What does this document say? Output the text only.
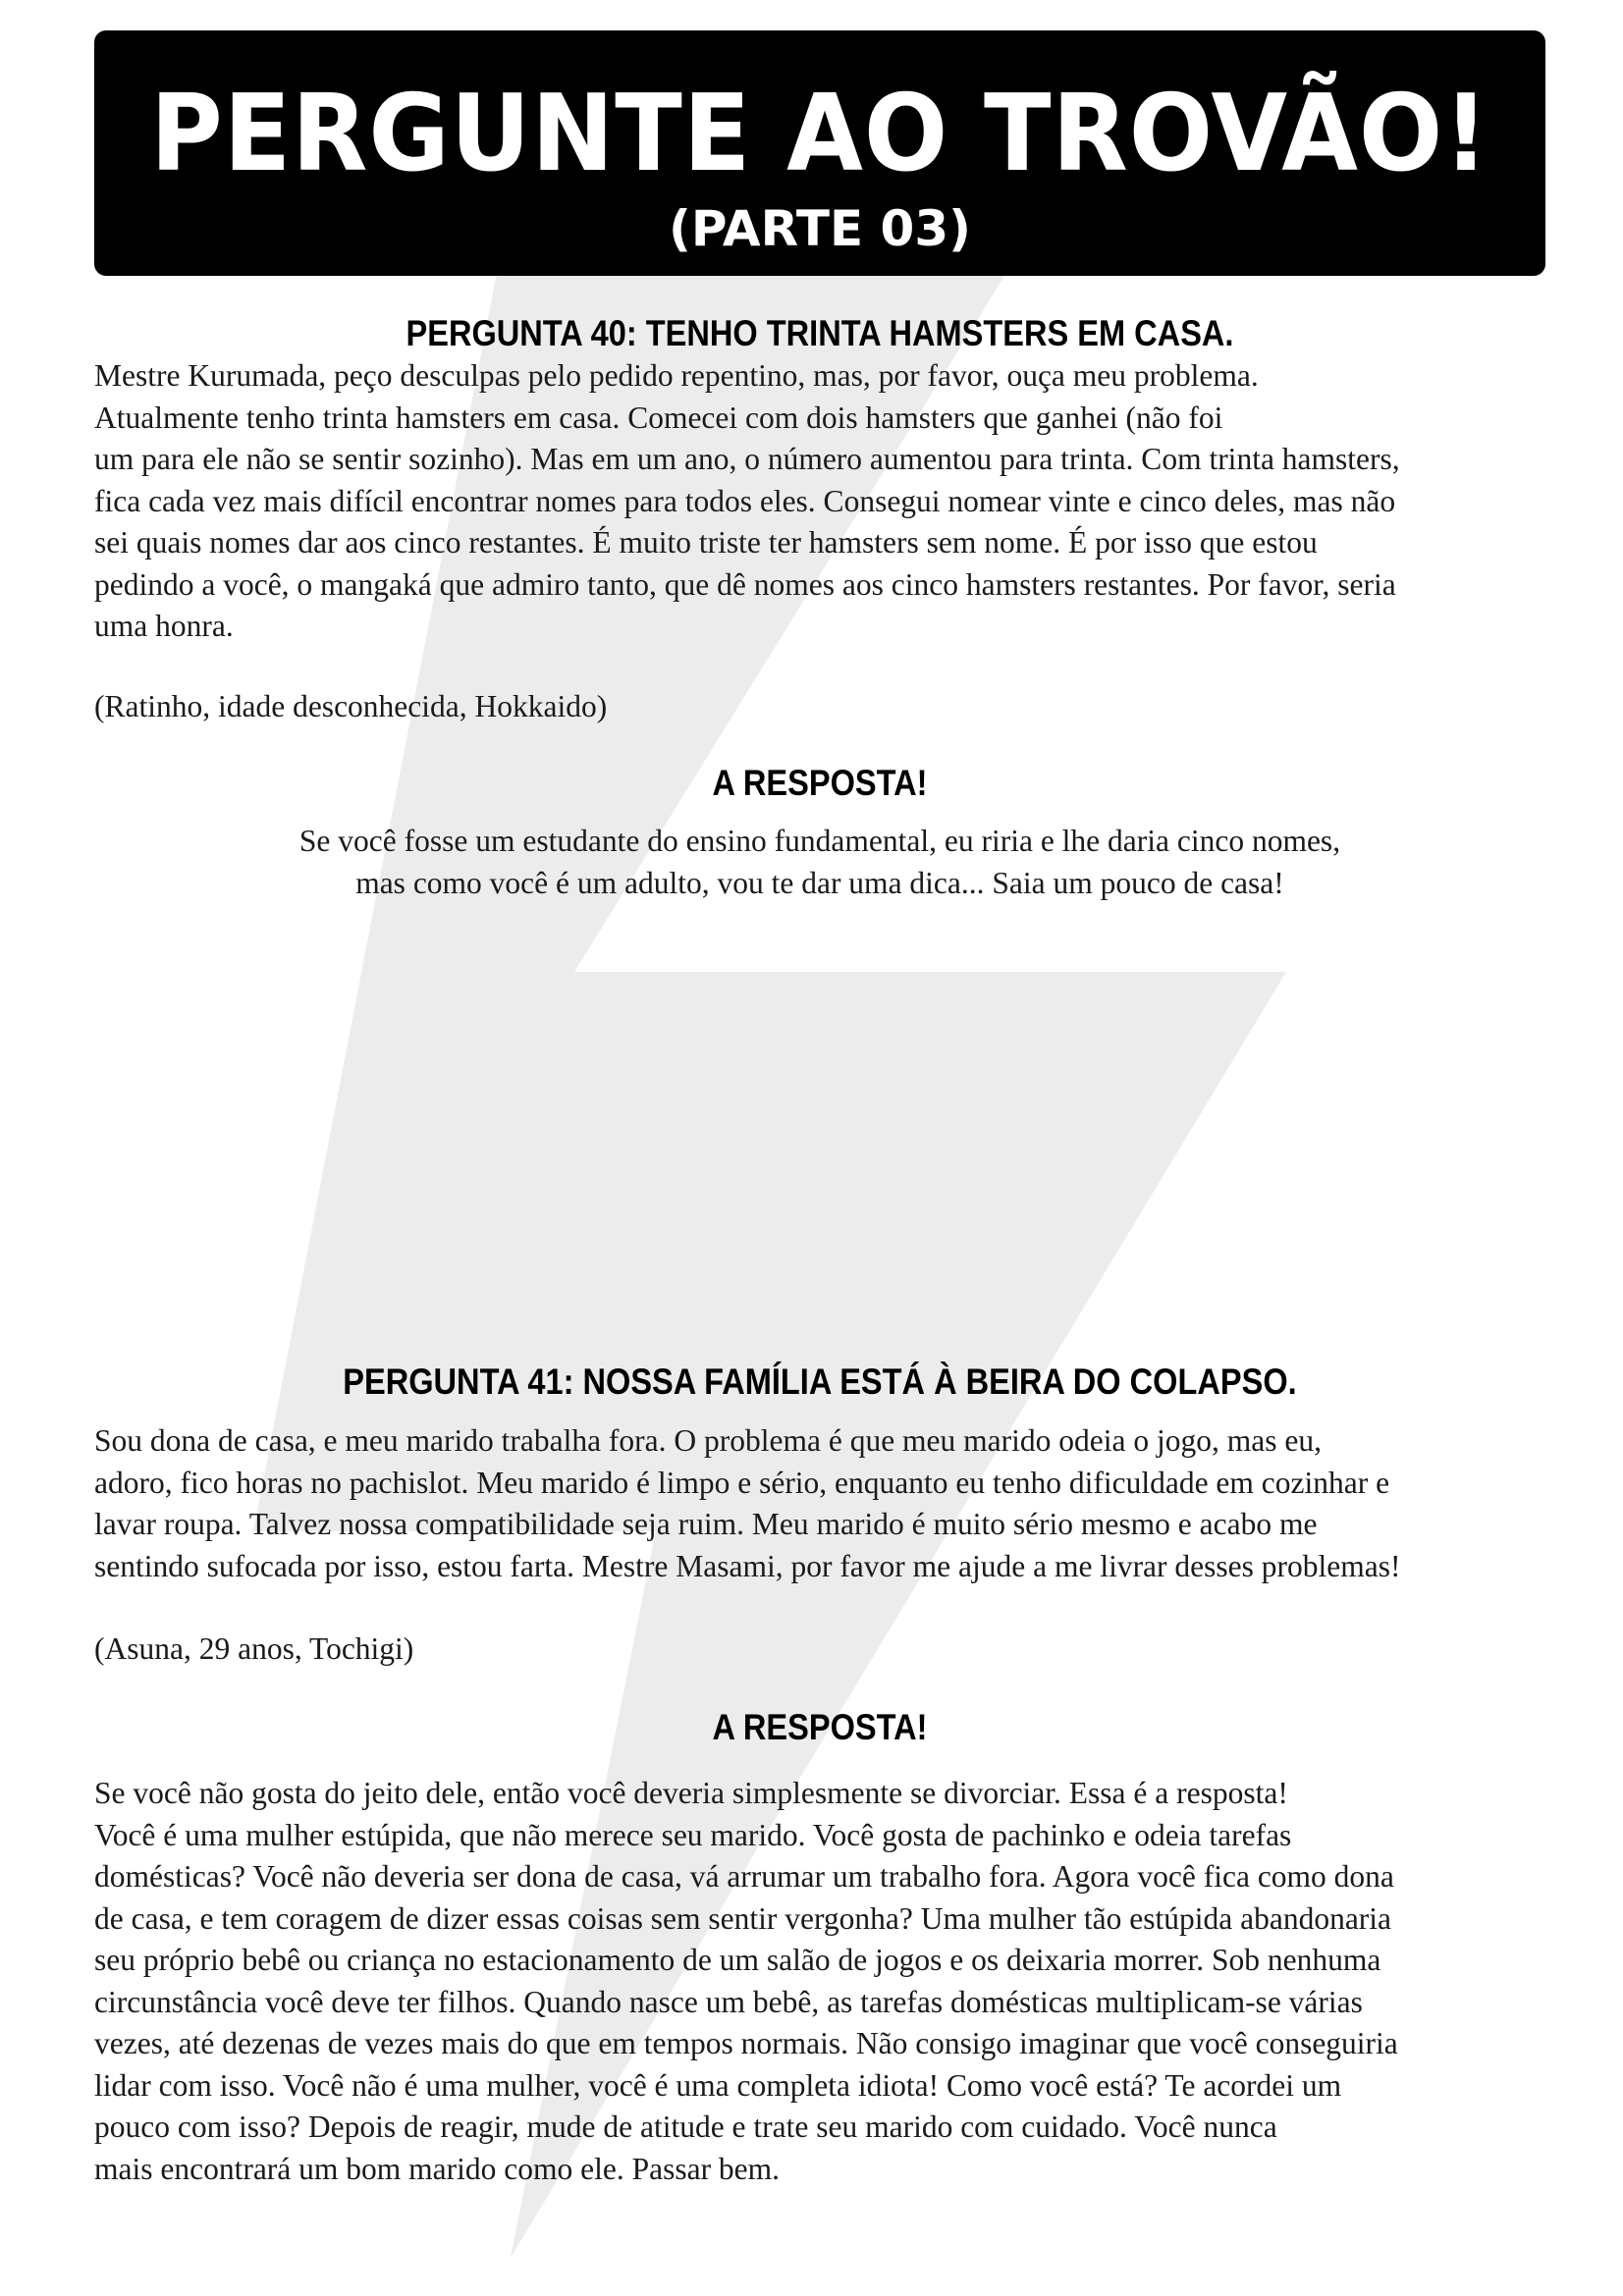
PERGUNTE AO TROVÃO!
(PARTE 03)
PERGUNTA 40: TENHO TRINTA HAMSTERS EM CASA.
Mestre Kurumada, peço desculpas pelo pedido repentino, mas, por favor, ouça meu problema.
Atualmente tenho trinta hamsters em casa. Comecei com dois hamsters que ganhei (não foi
um para ele não se sentir sozinho). Mas em um ano, o número aumentou para trinta. Com trinta hamsters,
fica cada vez mais difícil encontrar nomes para todos eles. Consegui nomear vinte e cinco deles, mas não
sei quais nomes dar aos cinco restantes. É muito triste ter hamsters sem nome. É por isso que estou
pedindo a você, o mangaká que admiro tanto, que dê nomes aos cinco hamsters restantes. Por favor, seria
uma honra.
(Ratinho, idade desconhecida, Hokkaido)
A RESPOSTA!
Se você fosse um estudante do ensino fundamental, eu riria e lhe daria cinco nomes,
mas como você é um adulto, vou te dar uma dica... Saia um pouco de casa!
PERGUNTA 41: NOSSA FAMÍLIA ESTÁ À BEIRA DO COLAPSO.
Sou dona de casa, e meu marido trabalha fora. O problema é que meu marido odeia o jogo, mas eu,
adoro, fico horas no pachislot. Meu marido é limpo e sério, enquanto eu tenho dificuldade em cozinhar e
lavar roupa. Talvez nossa compatibilidade seja ruim. Meu marido é muito sério mesmo e acabo me
sentindo sufocada por isso, estou farta. Mestre Masami, por favor me ajude a me livrar desses problemas!
(Asuna, 29 anos, Tochigi)
A RESPOSTA!
Se você não gosta do jeito dele, então você deveria simplesmente se divorciar. Essa é a resposta!
Você é uma mulher estúpida, que não merece seu marido. Você gosta de pachinko e odeia tarefas
domésticas? Você não deveria ser dona de casa, vá arrumar um trabalho fora. Agora você fica como dona
de casa, e tem coragem de dizer essas coisas sem sentir vergonha? Uma mulher tão estúpida abandonaria
seu próprio bebê ou criança no estacionamento de um salão de jogos e os deixaria morrer. Sob nenhuma
circunstância você deve ter filhos. Quando nasce um bebê, as tarefas domésticas multiplicam-se várias
vezes, até dezenas de vezes mais do que em tempos normais. Não consigo imaginar que você conseguiria
lidar com isso. Você não é uma mulher, você é uma completa idiota! Como você está? Te acordei um
pouco com isso? Depois de reagir, mude de atitude e trate seu marido com cuidado. Você nunca
mais encontrará um bom marido como ele. Passar bem.
